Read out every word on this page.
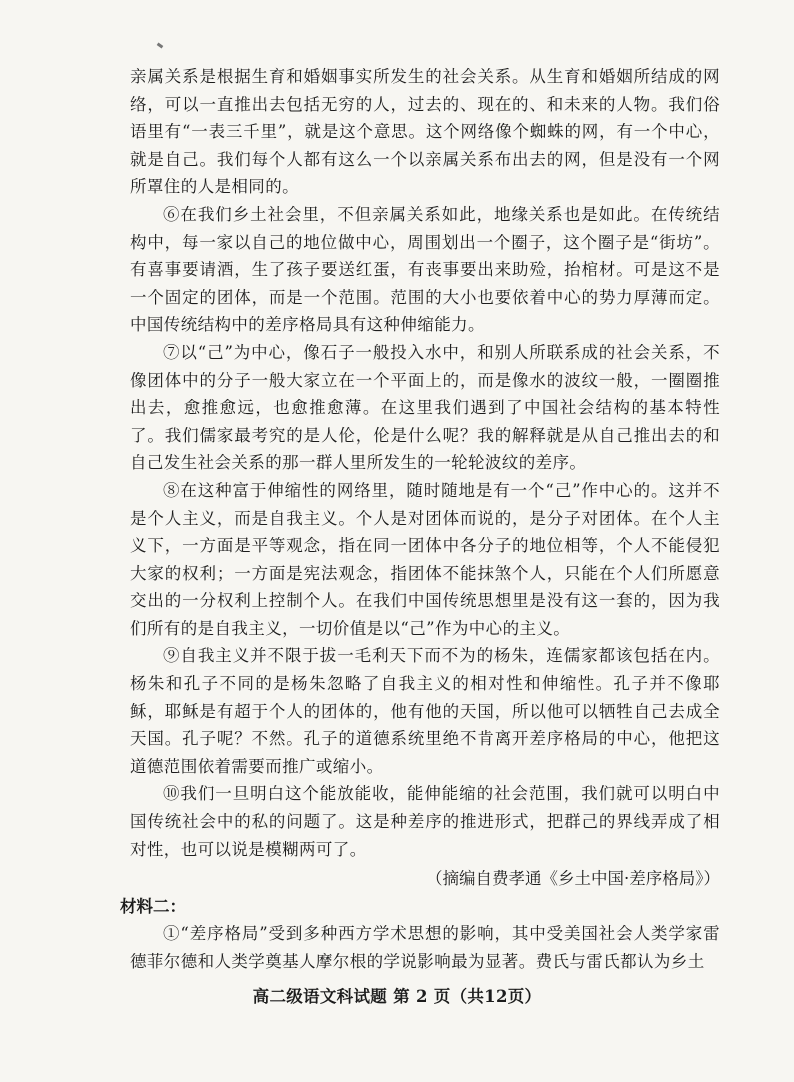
亲属关系是根据生育和婚姻事实所发生的社会关系。从生育和婚姻所结成的网络，可以一直推出去包括无穷的人，过去的、现在的、和未来的人物。我们俗语里有“一表三千里”，就是这个意思。这个网络像个蜘蛛的网，有一个中心，就是自己。我们每个人都有这么一个以亲属关系布出去的网，但是没有一个网所罩住的人是相同的。

⑥在我们乡土社会里，不但亲属关系如此，地缘关系也是如此。在传统结构中，每一家以自己的地位做中心，周围划出一个圈子，这个圈子是“街坊”。有喜事要请酒，生了孩子要送红蛋，有丧事要出来助殓，抬棺材。可是这不是一个固定的团体，而是一个范围。范围的大小也要依着中心的势力厚薄而定。中国传统结构中的差序格局具有这种伸缩能力。

⑦以“己”为中心，像石子一般投入水中，和别人所联系成的社会关系，不像团体中的分子一般大家立在一个平面上的，而是像水的波纹一般，一圈圈推出去，愈推愈远，也愈推愈薄。在这里我们遇到了中国社会结构的基本特性了。我们儒家最考究的是人伦，伦是什么呢？我的解释就是从自己推出去的和自己发生社会关系的那一群人里所发生的一轮轮波纹的差序。

⑧在这种富于伸缩性的网络里，随时随地是有一个“己”作中心的。这并不是个人主义，而是自我主义。个人是对团体而说的，是分子对团体。在个人主义下，一方面是平等观念，指在同一团体中各分子的地位相等，个人不能侵犯大家的权利；一方面是宪法观念，指团体不能抹煞个人，只能在个人们所愿意交出的一分权利上控制个人。在我们中国传统思想里是没有这一套的，因为我们所有的是自我主义，一切价值是以“己”作为中心的主义。

⑨自我主义并不限于拔一毛利天下而不为的杨朱，连儒家都该包括在内。杨朱和孔子不同的是杨朱忽略了自我主义的相对性和伸缩性。孔子并不像耶稣，耶稣是有超于个人的团体的，他有他的天国，所以他可以牺牲自己去成全天国。孔子呢？不然。孔子的道德系统里绝不肯离开差序格局的中心，他把这道德范围依着需要而推广或缩小。

⑩我们一旦明白这个能放能收，能伸能缩的社会范围，我们就可以明白中国传统社会中的私的问题了。这是种差序的推进形式，把群己的界线弄成了相对性，也可以说是模糊两可了。

（摘编自费孝通《乡土中国·差序格局》）

材料二：

①“差序格局”受到多种西方学术思想的影响，其中受美国社会人类学家雷德菲尔德和人类学奠基人摩尔根的学说影响最为显著。费氏与雷氏都认为乡土

高二级语文科试题 第 2 页（共12页）
